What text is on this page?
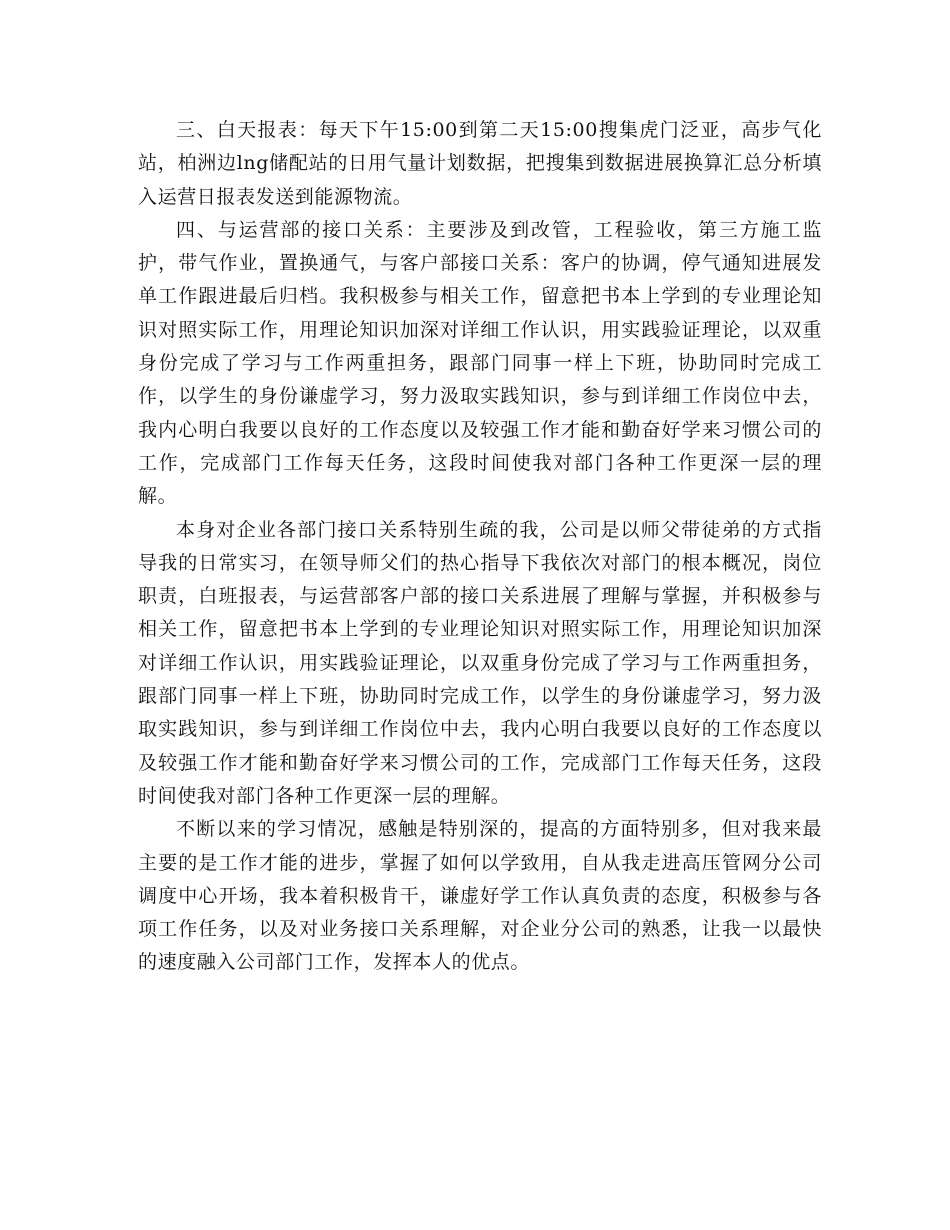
三、白天报表：每天下午15:00到第二天15:00搜集虎门泛亚，高步气化站，柏洲边lng储配站的日用气量计划数据，把搜集到数据进展换算汇总分析填入运营日报表发送到能源物流。

四、与运营部的接口关系：主要涉及到改管，工程验收，第三方施工监护，带气作业，置换通气，与客户部接口关系：客户的协调，停气通知进展发单工作跟进最后归档。我积极参与相关工作，留意把书本上学到的专业理论知识对照实际工作，用理论知识加深对详细工作认识，用实践验证理论，以双重身份完成了学习与工作两重担务，跟部门同事一样上下班，协助同时完成工作，以学生的身份谦虚学习，努力汲取实践知识，参与到详细工作岗位中去，我内心明白我要以良好的工作态度以及较强工作才能和勤奋好学来习惯公司的工作，完成部门工作每天任务，这段时间使我对部门各种工作更深一层的理解。

本身对企业各部门接口关系特别生疏的我，公司是以师父带徒弟的方式指导我的日常实习，在领导师父们的热心指导下我依次对部门的根本概况，岗位职责，白班报表，与运营部客户部的接口关系进展了理解与掌握，并积极参与相关工作，留意把书本上学到的专业理论知识对照实际工作，用理论知识加深对详细工作认识，用实践验证理论，以双重身份完成了学习与工作两重担务，跟部门同事一样上下班，协助同时完成工作，以学生的身份谦虚学习，努力汲取实践知识，参与到详细工作岗位中去，我内心明白我要以良好的工作态度以及较强工作才能和勤奋好学来习惯公司的工作，完成部门工作每天任务，这段时间使我对部门各种工作更深一层的理解。

不断以来的学习情况，感触是特别深的，提高的方面特别多，但对我来最主要的是工作才能的进步，掌握了如何以学致用，自从我走进高压管网分公司调度中心开场，我本着积极肯干，谦虚好学工作认真负责的态度，积极参与各项工作任务，以及对业务接口关系理解，对企业分公司的熟悉，让我一以最快的速度融入公司部门工作，发挥本人的优点。
